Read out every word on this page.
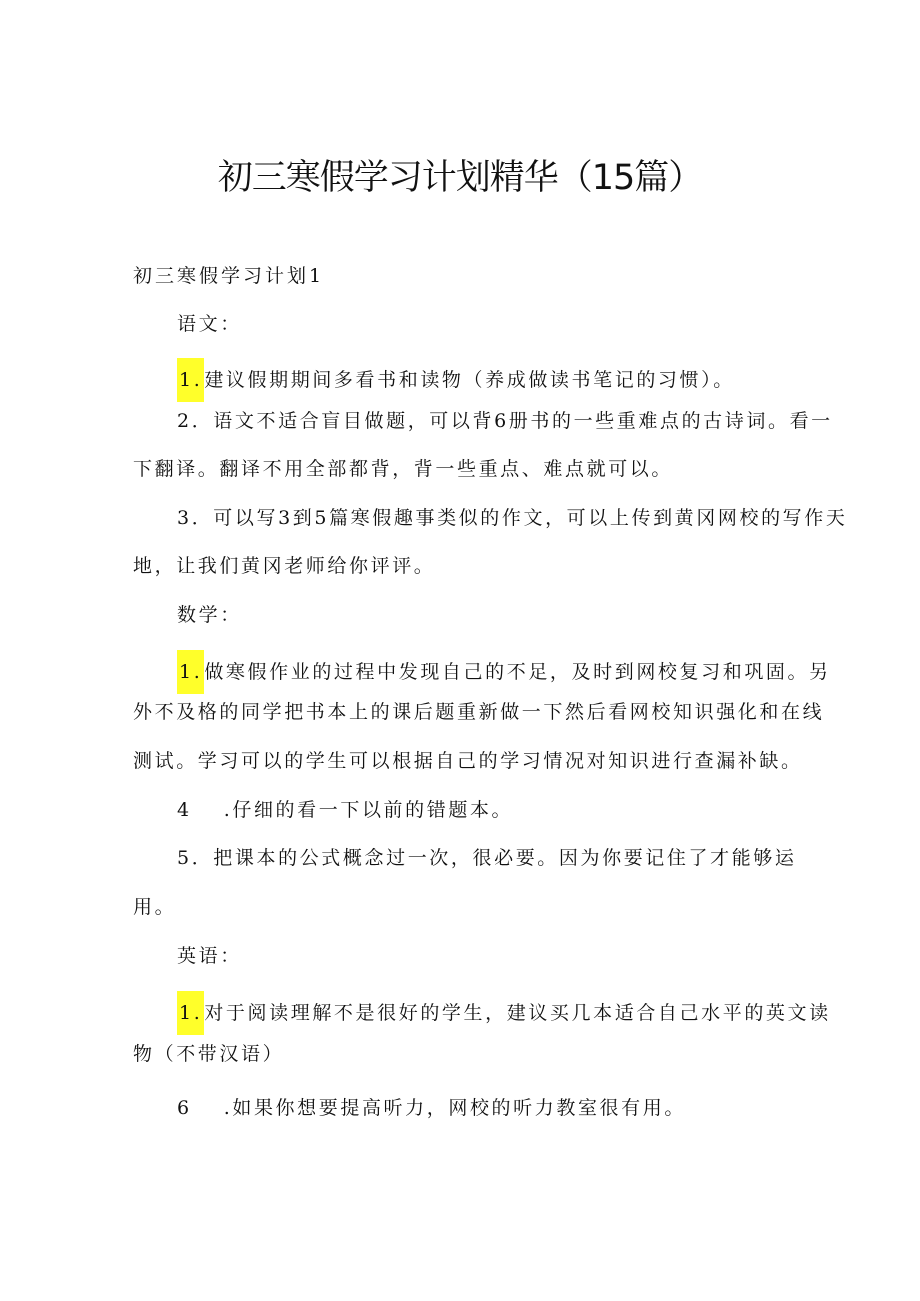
初三寒假学习计划精华（15篇）
初三寒假学习计划1
语文：
1. 建议假期期间多看书和读物（养成做读书笔记的习惯）。
2．语文不适合盲目做题，可以背6册书的一些重难点的古诗词。看一
下翻译。翻译不用全部都背，背一些重点、难点就可以。
3．可以写3到5篇寒假趣事类似的作文，可以上传到黄冈网校的写作天
地，让我们黄冈老师给你评评。
数学：
1. 做寒假作业的过程中发现自己的不足，及时到网校复习和巩固。另
外不及格的同学把书本上的课后题重新做一下然后看网校知识强化和在线
测试。学习可以的学生可以根据自己的学习情况对知识进行查漏补缺。
4 .仔细的看一下以前的错题本。
5．把课本的公式概念过一次，很必要。因为你要记住了才能够运
用。
英语：
1. 对于阅读理解不是很好的学生，建议买几本适合自己水平的英文读
物（不带汉语）
6 .如果你想要提高听力，网校的听力教室很有用。
